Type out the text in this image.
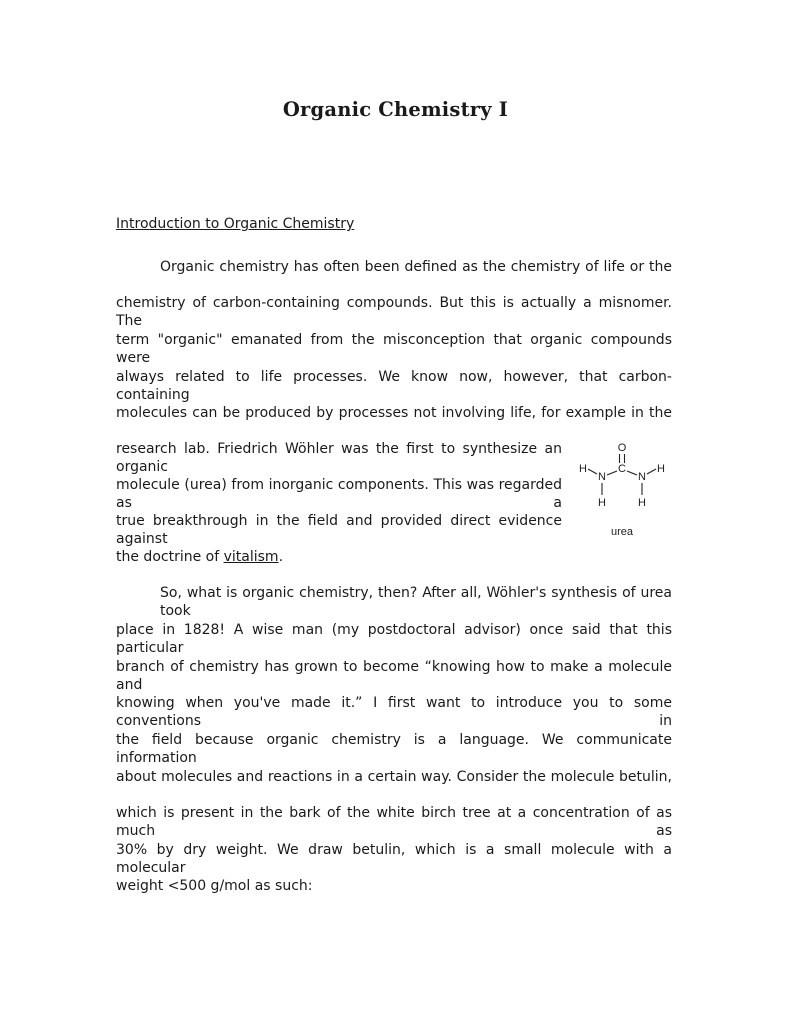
Organic Chemistry I
Introduction to Organic Chemistry
Organic chemistry has often been defined as the chemistry of life or the
chemistry of carbon-containing compounds. But this is actually a misnomer. The
term "organic" emanated from the misconception that organic compounds were
always related to life processes. We know now, however, that carbon-containing
molecules can be produced by processes not involving life, for example in the
research lab. Friedrich Wöhler was the first to synthesize an organic
molecule (urea) from inorganic components. This was regarded as a
true breakthrough in the field and provided direct evidence against
the doctrine of vitalism.
O
C
N	N
H	H
H	H
urea
So, what is organic chemistry, then? After all, Wöhler's synthesis of urea took
place in 1828! A wise man (my postdoctoral advisor) once said that this particular
branch of chemistry has grown to become “knowing how to make a molecule and
knowing when you've made it.” I first want to introduce you to some conventions in
the field because organic chemistry is a language. We communicate information
about molecules and reactions in a certain way. Consider the molecule betulin,
which is present in the bark of the white birch tree at a concentration of as much as
30% by dry weight. We draw betulin, which is a small molecule with a molecular
weight <500 g/mol as such:
